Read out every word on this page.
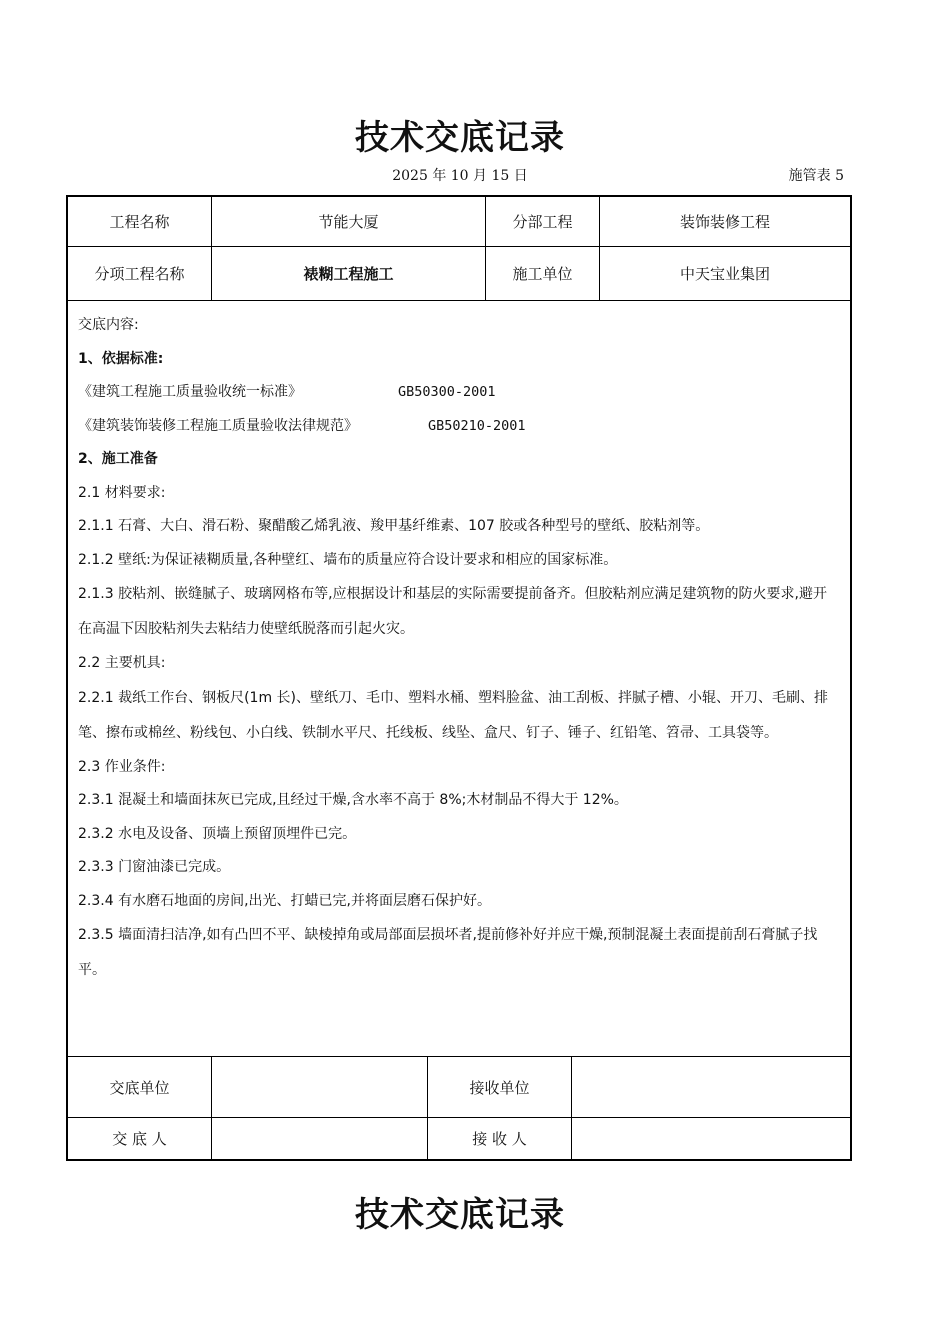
技术交底记录
2025 年 10 月 15 日	施管表 5
工程名称	节能大厦	分部工程	装饰装修工程
分项工程名称	裱糊工程施工	施工单位	中天宝业集团

交底内容:

1、依据标准:

《建筑工程施工质量验收统一标准》	GB50300-2001
《建筑装饰装修工程施工质量验收法律规范》	GB50210-2001

2、施工准备

2.1 材料要求:

2.1.1 石膏、大白、滑石粉、聚醋酸乙烯乳液、羧甲基纤维素、107 胶或各种型号的壁纸、胶粘剂等。

2.1.2 壁纸:为保证裱糊质量,各种壁红、墙布的质量应符合设计要求和相应的国家标准。

2.1.3 胶粘剂、嵌缝腻子、玻璃网格布等,应根据设计和基层的实际需要提前备齐。但胶粘剂应满足建筑物的防火要求,避开在高温下因胶粘剂失去粘结力使壁纸脱落而引起火灾。

2.2 主要机具:

2.2.1 裁纸工作台、钢板尺(1m 长)、壁纸刀、毛巾、塑料水桶、塑料脸盆、油工刮板、拌腻子槽、小辊、开刀、毛刷、排笔、擦布或棉丝、粉线包、小白线、铁制水平尺、托线板、线坠、盒尺、钉子、锤子、红铅笔、笤帚、工具袋等。

2.3 作业条件:

2.3.1 混凝土和墙面抹灰已完成,且经过干燥,含水率不高于 8%;木材制品不得大于 12%。

2.3.2 水电及设备、顶墙上预留顶埋件已完。

2.3.3 门窗油漆已完成。

2.3.4 有水磨石地面的房间,出光、打蜡已完,并将面层磨石保护好。

2.3.5 墙面清扫洁净,如有凸凹不平、缺棱掉角或局部面层损坏者,提前修补好并应干燥,预制混凝土表面提前刮石膏腻子找平。

交底单位	接收单位
交 底 人	接 收 人
技术交底记录
